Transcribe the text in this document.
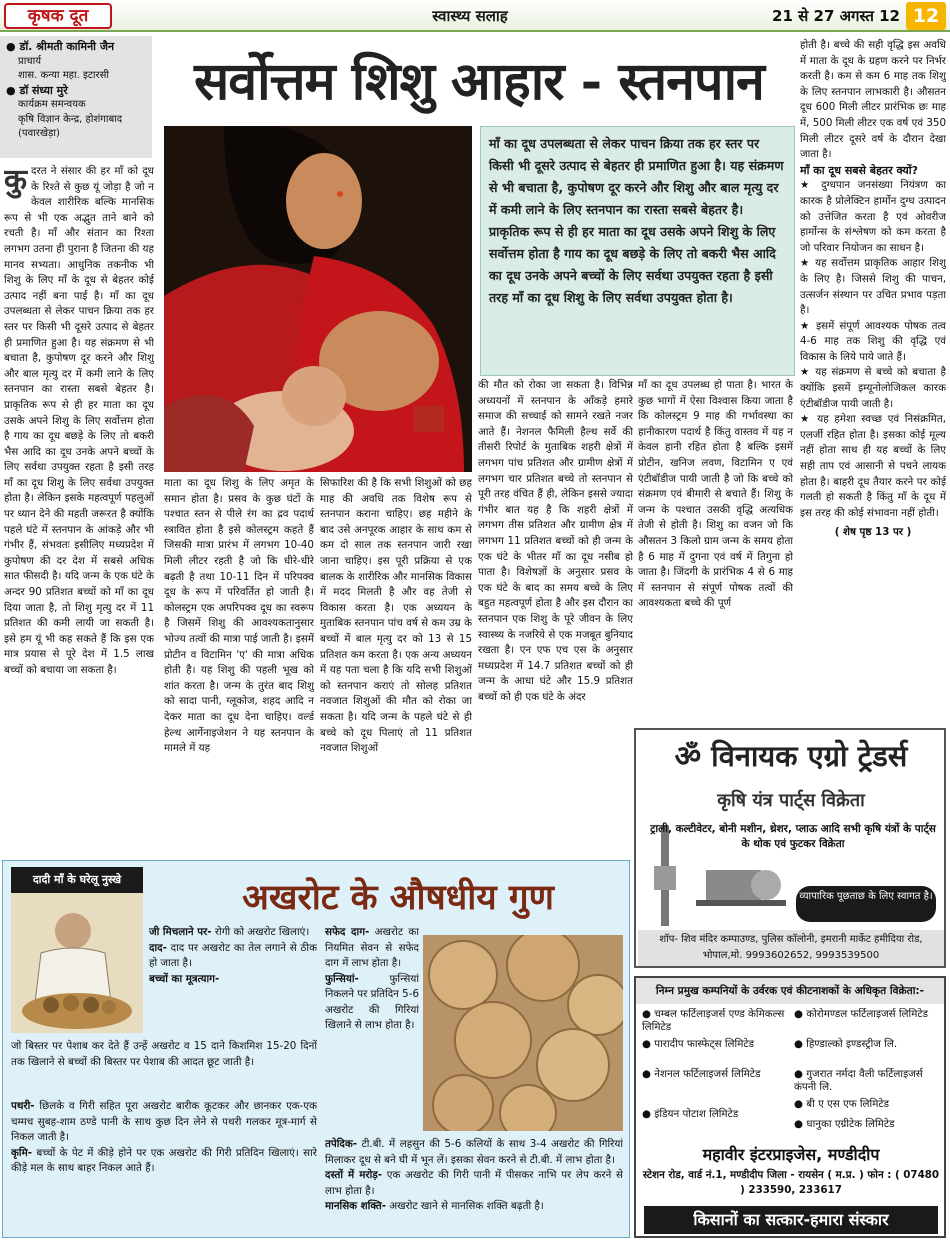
कृषक दूत	स्वास्थ्य सलाह	21 से 27 अगस्त 12 12
● डॉ. श्रीमती कामिनी जैन
प्राचार्य
शास. कन्या महा. इटारसी
● डॉ संध्या मुरे
कार्यक्रम समन्वयक
कृषि विज्ञान केन्द्र, होशंगाबाद (पवारखेड़ा)
सर्वोत्तम शिशु आहार - स्तनपान
माँ का दूध उपलब्धता से लेकर पाचन क्रिया तक हर स्तर पर किसी भी दूसरे उत्पाद से बेहतर ही प्रमाणित हुआ है। यह संक्रमण से भी बचाता है, कुपोषण दूर करने और शिशु और बाल मृत्यु दर में कमी लाने के लिए स्तनपान का रास्ता सबसे बेहतर है। प्राकृतिक रूप से ही हर माता का दूध उसके अपने शिशु के लिए सर्वोत्तम होता है गाय का दूध बछड़े के लिए तो बकरी भैस आदि का दूध उनके अपने बच्चों के लिए सर्वथा उपयुक्त रहता है इसी तरह माँ का दूध शिशु के लिए सर्वथा उपयुक्त होता है।
कु दरत ने संसार की हर माँ को दूध के रिश्ते से कुछ यूं जोड़ा है जो न केवल शारीरिक बल्कि मानसिक रूप से भी एक अद्भुत ताने बाने को रचती है। माँ और संतान का रिश्ता लगभग उतना ही पुराना है जितना की यह मानव सभ्यता। आधुनिक तकनीक भी शिशु के लिए माँ के दूध से बेहतर कोई उत्पाद नहीं बना पाई है। माँ का दूध उपलब्धता से लेकर पाचन क्रिया तक हर स्तर पर किसी भी दूसरे उत्पाद से बेहतर ही प्रमाणित हुआ है। यह संक्रमण से भी बचाता है, कुपोषण दूर करने और शिशु और बाल मृत्यु दर में कमी लाने के लिए स्तनपान का रास्ता सबसे बेहतर है। प्राकृतिक रूप से ही हर माता का दूध उसके अपने शिशु के लिए सर्वोत्तम होता है गाय का दूध बछड़े के लिए तो बकरी भैस आदि का दूध उनके अपने बच्चों के लिए सर्वथा उपयुक्त रहता है इसी तरह माँ का दूध शिशु के लिए सर्वथा उपयुक्त होता है। लेकिन इसके महत्वपूर्ण पहलुओं पर ध्यान देने की महती जरूरत है क्योंकि पहले घंटे में स्तनपान के आंकड़े और भी गंभीर हैं, संभवतः इसीलिए मध्यप्रदेश में कुपोषण की दर देश में सबसे अधिक सात फीसदी है। यदि जन्म के एक घंटे के अन्दर 90 प्रतिशत बच्चों को माँ का दूध दिया जाता है, तो शिशु मृत्यु दर में 11 प्रतिशत की कमी लायी जा सकती है। इसे हम यूं भी कह सकते हैं कि इस एक मात्र प्रयास से पूरे देश में 1.5 लाख बच्चों को बचाया जा सकता है।

माता का दूध शिशु के लिए अमृत के समान होता है। प्रसव के कुछ घंटों के पश्चात स्तन से पीले रंग का द्रव पदार्थ स्त्रावित होता है इसे कोलस्ट्रम कहते हैं जिसकी मात्रा प्रारंभ में लगभग 10-40 मिली लीटर रहती है जो कि धीरे-धीरे बढ़ती है तथा 10-11 दिन में परिपक्व दूध के रूप में परिवर्तित हो जाती है। कोलस्ट्रम एक अपरिपक्व दूध का स्वरूप है जिसमें शिशु की आवश्यकतानुसार भोज्य तत्वों की मात्रा पाई जाती है। इसमें प्रोटीन व विटामिन 'ए' की मात्रा अधिक होती है। यह शिशु की पहली भूख को शांत करता है। जन्म के तुरंत बाद शिशु को सादा पानी, ग्लूकोज, शहद आदि न देकर माता का दूध देना चाहिए। वर्ल्ड हेल्थ आर्गेनाइजेशन ने यह स्तनपान के मामले में यह

सिफारिश की है कि सभी शिशुओं को छह माह की अवधि तक विशेष रूप से स्तनपान कराना चाहिए। छह महीने के बाद उसे अनपूरक आहार के साथ कम से कम दो साल तक स्तनपान जारी रखा जाना चाहिए। इस पूरी प्रक्रिया से एक बालक के शारीरिक और मानसिक विकास में मदद मिलती है और वह तेजी से विकास करता है। एक अध्ययन के मुताबिक स्तनपान पांच वर्ष से कम उम्र के बच्चों में बाल मृत्यु दर को 13 से 15 प्रतिशत कम करता है। एक अन्य अध्ययन में यह पता चला है कि यदि सभी शिशुओं को स्तनपान कराएं तो सोलह प्रतिशत नवजात शिशुओं की मौत को रोका जा सकता है। यदि जन्म के पहले घंटे से ही बच्चे को दूध पिलाएं तो 11 प्रतिशत नवजात शिशुओं

की मौत को रोका जा सकता है। विभिन्न अध्ययनों में स्तनपान के आँकड़े हमारे समाज की सच्चाई को सामने रखते नजर आते हैं। नेशनल फैमिली हैल्थ सर्वे की तीसरी रिपोर्ट के मुताबिक शहरी क्षेत्रों में लगभग पांच प्रतिशत और ग्रामीण क्षेत्रों में लगभग चार प्रतिशत बच्चे तो स्तनपान से पूरी तरह वंचित हैं ही, लेकिन इससे ज्यादा गंभीर बात यह है कि शहरी क्षेत्रों में लगभग तीस प्रतिशत और ग्रामीण क्षेत्र में लगभग 11 प्रतिशत बच्चों को ही जन्म के एक घंटे के भीतर माँ का दूध नसीब हो पाता है। विशेषज्ञों के अनुसार प्रसव के एक घंटे के बाद का समय बच्चे के लिए बहुत महत्वपूर्ण होता है और इस दौरान का स्तनपान एक शिशु के पूरे जीवन के लिए स्वास्थ्य के नजरिये से एक मजबूत बुनियाद रखता है। एन एफ एच एस के अनुसार मध्यप्रदेश में 14.7 प्रतिशत बच्चों को ही जन्म के आधा घंटे और 15.9 प्रतिशत बच्चों को ही एक घंटे के अंदर

माँ का दूध उपलब्ध हो पाता है। भारत के कुछ भागों में ऐसा विश्वास किया जाता है कि कोलस्ट्रम 9 माह की गर्भावस्था का हानीकारण पदार्थ है किंतु वास्तव में यह न केवल हानी रहित होता है बल्कि इसमें प्रोटीन, खनिज लवण, विटामिन ए एवं एंटीबॉडीज पायी जाती है जो कि बच्चे को संक्रमण एवं बीमारी से बचाते हैं। शिशु के जन्म के पश्चात उसकी वृद्धि अत्यधिक तेजी से होती है। शिशु का वजन जो कि औसतन 3 किलो ग्राम जन्म के समय होता है 6 माह में दुगना एवं वर्ष में तिगुना हो जाता है। जिंदगी के प्रारंभिक 4 से 6 माह में स्तनपान से संपूर्ण पोषक तत्वों की आवश्यकता बच्चे की पूर्ण

होती है। बच्चे की सही वृद्धि इस अवधि में माता के दूध के ग्रहण करने पर निर्भर करती है। कम से कम 6 माह तक शिशु के लिए स्तनपान लाभकारी है। औसतन दूध 600 मिली लीटर प्रारंभिक छः माह में, 500 मिली लीटर एक वर्ष एवं 350 मिली लीटर दूसरे वर्ष के दौरान देखा जाता है।

माँ का दूध सबसे बेहतर क्यों?

★ दुग्धपान जनसंख्या नियंत्रण का कारक है प्रोलेक्टिन हार्मोन दुग्ध उत्पादन को उत्तेजित करता है एवं ओवरीज हार्मोन्स के संश्लेषण को कम करता है जो परिवार नियोजन का साधन है।

★ यह सर्वोत्तम प्राकृतिक आहार शिशु के लिए है। जिससे शिशु की पाचन, उत्सर्जन संस्थान पर उचित प्रभाव पड़ता है।

★ इसमें संपूर्ण आवश्यक पोषक तत्व 4-6 माह तक शिशु की वृद्धि एवं विकास के लिये पाये जाते हैं।

★ यह संक्रमण से बच्चे को बचाता है क्योंकि इसमें इम्यूनोलोजिकल कारक एंटीबॉडीज पायी जाती है।

★ यह हमेशा स्वच्छ एवं निसंक्रमित, एलर्जी रहित होता है। इसका कोई मूल्य नहीं होता साथ ही यह बच्चों के लिए सही ताप एवं आसानी से पचने लायक होता है। बाहरी दूध तैयार करने पर कोई गलती हो सकती है किंतु माँ के दूध में इस तरह की कोई संभावना नहीं होती।

( शेष पृष्ठ 13 पर )
ॐ विनायक एग्रो ट्रेडर्स
कृषि यंत्र पार्ट्स विक्रेता
ट्राली, कल्टीवेटर, बोनी मशीन, थ्रेशर, प्लाऊ आदि सभी कृषि यंत्रों के पार्ट्स के थोक एवं फुटकर विक्रेता
व्यापारिक पूछताछ के लिए स्वागत है।
शॉप- शिव मंदिर कम्पाउण्ड, पुलिस कॉलोनी, इमरानी मार्केट हमीदिया रोड, भोपाल,मो. 9993602652, 9993539500
निम्न प्रमुख कम्पनियों के उर्वरक एवं कीटनाशकों के अधिकृत विक्रेता:-
● चम्बल फर्टिलाइजर्स एण्ड केमिकल्स लिमिटेड
● कोरोमण्डल फर्टिलाइजर्स लिमिटेड
● पारादीप फास्फेट्स लिमिटेड	● हिण्डाल्को इण्डस्ट्रीज लि.
● नेशनल फर्टिलाइजर्स लिमिटेड	● गुजरात नर्मदा वैली फर्टिलाइजर्स कंपनी लि.
● इंडियन पोटाश लिमिटेड
● बी ए एस एफ लिमिटेड
● धानुका एग्रीटेक लिमिटेड
महावीर इंटरप्राइजेस, मण्डीदीप
स्टेशन रोड, वार्ड नं.1, मण्डीदीप जिला - रायसेन ( म.प्र. ) फोन : ( 07480 ) 233590, 233617
किसानों का सत्कार-हमारा संस्कार
दादी माँ के घरेलू नुस्खे	अखरोट के औषधीय गुण

जी मिचलाने पर- रोगी को अखरोट खिलाएं।

दाद- दाद पर अखरोट का तेल लगाने से ठीक हो जाता है।

बच्चों का मूत्रत्याग-

सफेद दाग- अखरोट का नियमित सेवन से सफेद दाग में लाभ होता है।

फुन्सियां-	फुन्सियां निकलने पर प्रतिदिन 5-6 अखरोट की गिरियां खिलाने से लाभ होता है।

जो बिस्तर पर पेशाब कर देते हैं उन्हें अखरोट व 15 दाने किशमिश 15-20 दिनों तक खिलाने से बच्चों की बिस्तर पर पेशाब की आदत छूट जाती है।

पथरी- छिलके व गिरी सहित पूरा अखरोट बारीक कूटकर और छानकर एक-एक चम्मच सुबह-शाम ठण्डे पानी के साथ कुछ दिन लेने से पथरी गलकर मूत्र-मार्ग से निकल जाती है।

कृमि- बच्चों के पेट में कीड़े होने पर एक अखरोट की गिरी प्रतिदिन खिलाएं। सारे कीड़े मल के साथ बाहर निकल आते हैं।

तपेदिक- टी.बी. में लहसुन की 5-6 कलियों के साथ 3-4 अखरोट की गिरियां मिलाकर दूध से बने घी में भून लें। इसका सेवन करने से टी.बी. में लाभ होता है।

दस्तों में मरोड़- एक अखरोट की गिरी पानी में पीसकर नाभि पर लेप करने से लाभ होता है।

मानसिक शक्ति- अखरोट खाने से मानसिक शक्ति बढ़ती है।
